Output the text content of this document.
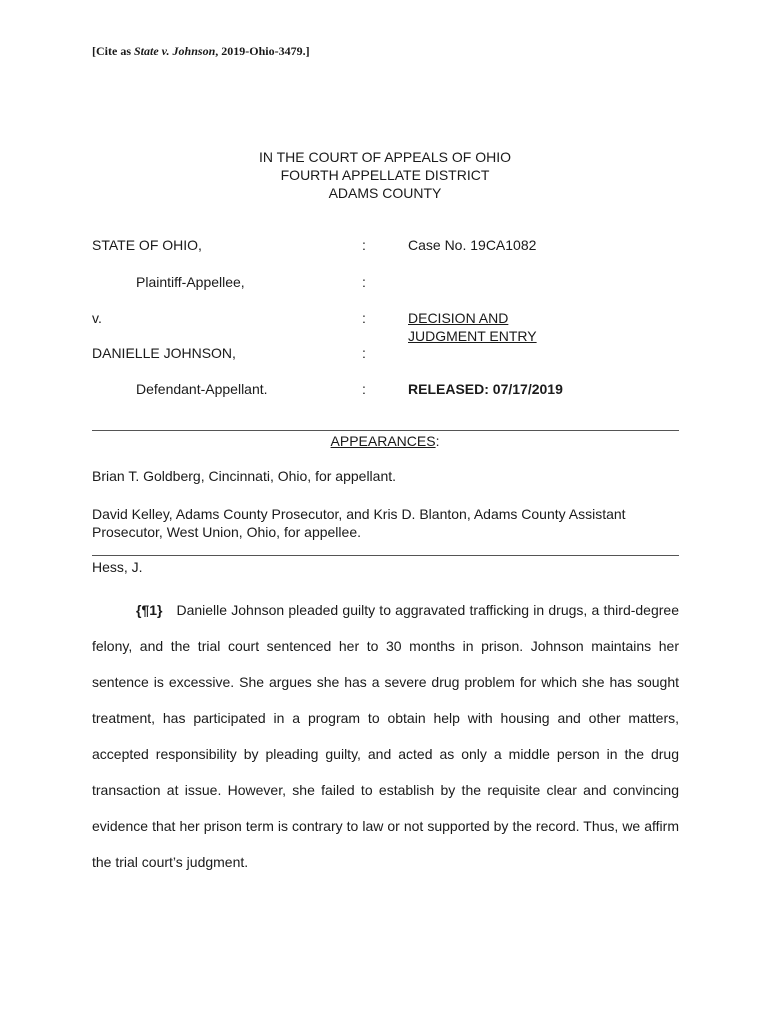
[Cite as State v. Johnson, 2019-Ohio-3479.]
IN THE COURT OF APPEALS OF OHIO
FOURTH APPELLATE DISTRICT
ADAMS COUNTY
STATE OF OHIO,	:	Case No. 19CA1082
Plaintiff-Appellee,	:
v.	:	DECISION AND
JUDGMENT ENTRY
DANIELLE JOHNSON,	:
Defendant-Appellant.	:	RELEASED: 07/17/2019
APPEARANCES:
Brian T. Goldberg, Cincinnati, Ohio, for appellant.
David Kelley, Adams County Prosecutor, and Kris D. Blanton, Adams County Assistant Prosecutor, West Union, Ohio, for appellee.
Hess, J.
{¶1} Danielle Johnson pleaded guilty to aggravated trafficking in drugs, a third-degree felony, and the trial court sentenced her to 30 months in prison. Johnson maintains her sentence is excessive. She argues she has a severe drug problem for which she has sought treatment, has participated in a program to obtain help with housing and other matters, accepted responsibility by pleading guilty, and acted as only a middle person in the drug transaction at issue. However, she failed to establish by the requisite clear and convincing evidence that her prison term is contrary to law or not supported by the record. Thus, we affirm the trial court’s judgment.
